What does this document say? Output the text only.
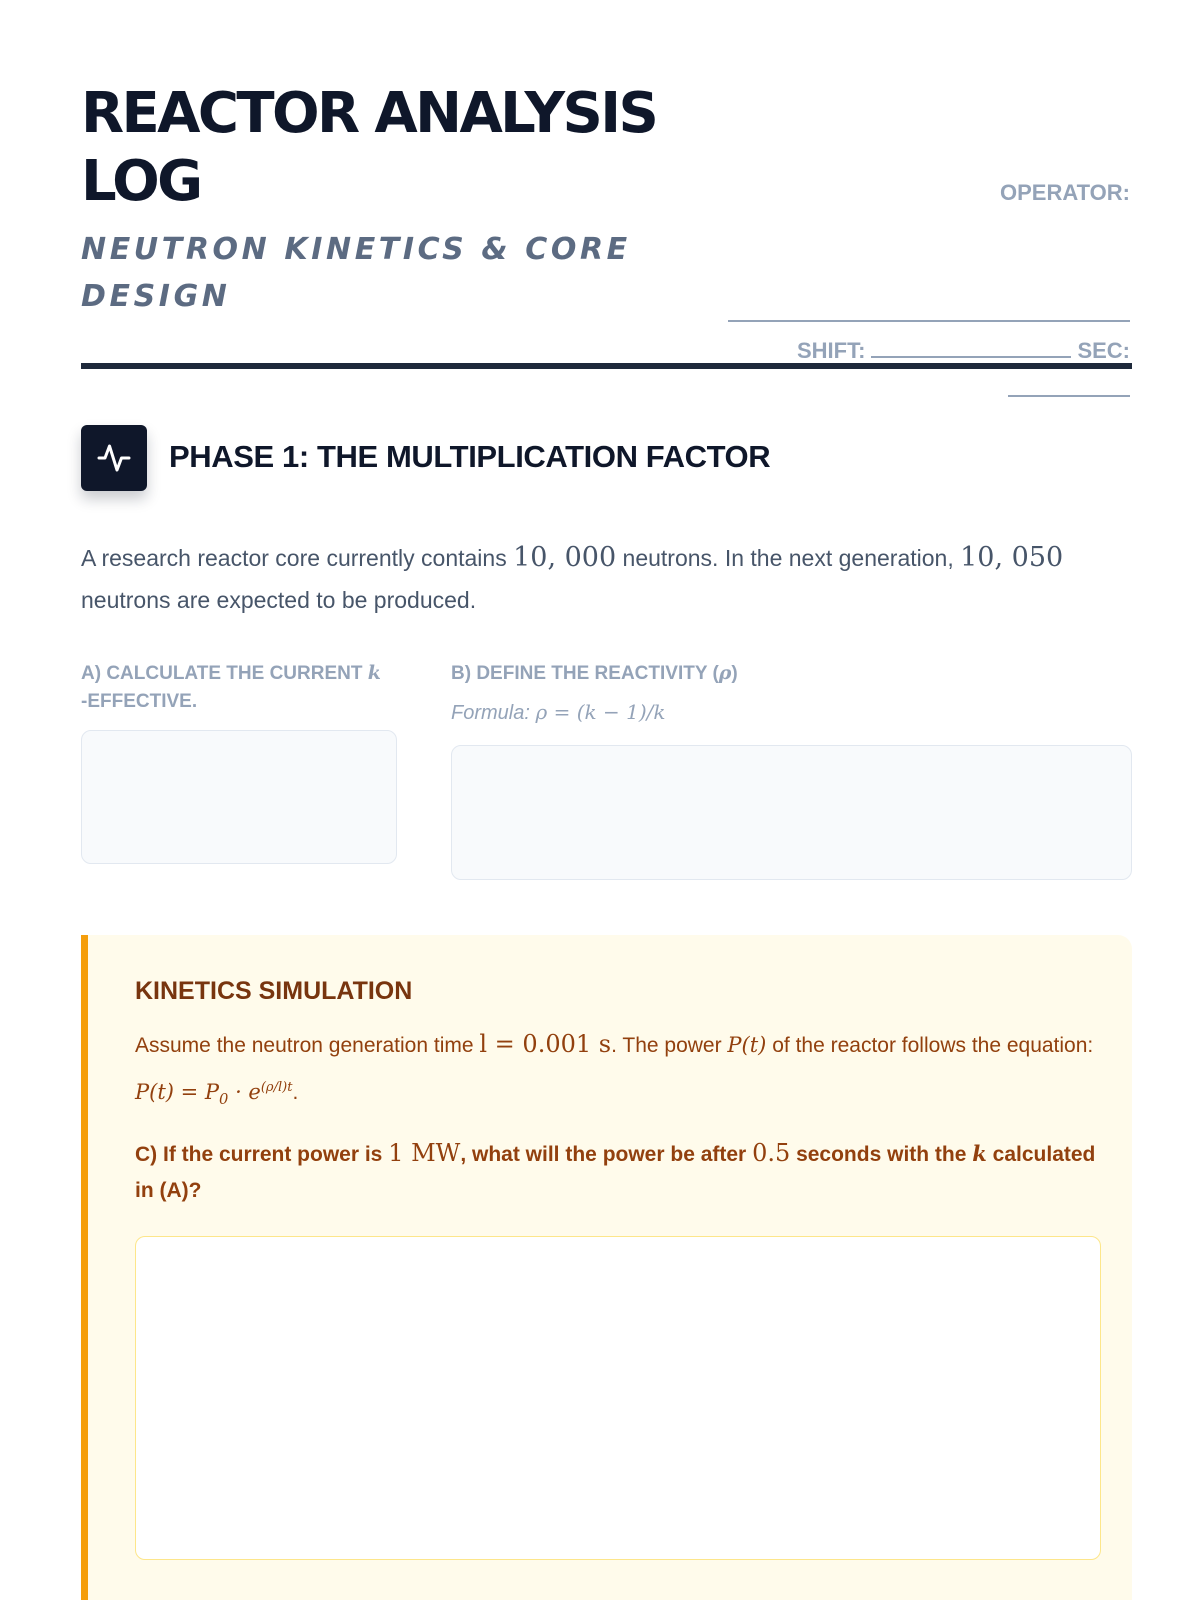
REACTOR ANALYSIS LOG
NEUTRON KINETICS & CORE DESIGN
OPERATOR:
SHIFT:	SEC:
PHASE 1: THE MULTIPLICATION FACTOR

A research reactor core currently contains 10, 000 neutrons. In the next generation, 10, 050 neutrons are expected to be produced.

A) CALCULATE THE CURRENT k
-EFFECTIVE.
B) DEFINE THE REACTIVITY (ρ)
Formula: ρ = (k − 1)/k
KINETICS SIMULATION

Assume the neutron generation time l = 0.001 s. The power P(t) of the reactor follows the equation: $P(t) = P_0 \cdot e^{(\rho/l)t}$.

C) If the current power is 1 MW, what will the power be after 0.5 seconds with the k calculated in (A)?
